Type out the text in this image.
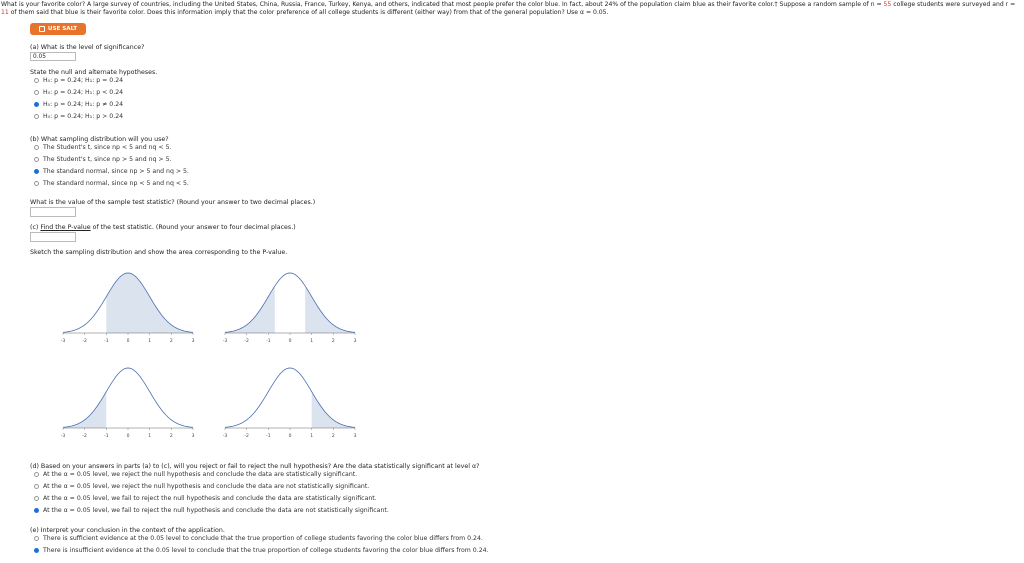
What is your favorite color? A large survey of countries, including the United States, China, Russia, France, Turkey, Kenya, and others, indicated that most people prefer the color blue. In fact, about 24% of the population claim blue as their favorite color.† Suppose a random sample of n = 55 college students were surveyed and r = 11 of them said that blue is their favorite color. Does this information imply that the color preference of all college students is different (either way) from that of the general population? Use α = 0.05.
USE SALT
(a) What is the level of significance?
0.05
State the null and alternate hypotheses.
H₀: p = 0.24; H₁: p = 0.24
H₀: p = 0.24; H₁: p < 0.24
H₀: p = 0.24; H₁: p ≠ 0.24
H₀: p = 0.24; H₁: p > 0.24
(b) What sampling distribution will you use?
The Student's t, since np < 5 and nq < 5.
The Student's t, since np > 5 and nq > 5.
The standard normal, since np > 5 and nq > 5.
The standard normal, since np < 5 and nq < 5.
What is the value of the sample test statistic? (Round your answer to two decimal places.)
(c) Find the P-value of the test statistic. (Round your answer to four decimal places.)
Sketch the sampling distribution and show the area corresponding to the P-value.
-3	-2	-1	0	1	2	3	-3	-2	-1	0	1	2	3
-3	-2	-1	0	1	2	3	-3	-2	-1	0	1	2	3
(d) Based on your answers in parts (a) to (c), will you reject or fail to reject the null hypothesis? Are the data statistically significant at level α?
At the α = 0.05 level, we reject the null hypothesis and conclude the data are statistically significant.
At the α = 0.05 level, we reject the null hypothesis and conclude the data are not statistically significant.
At the α = 0.05 level, we fail to reject the null hypothesis and conclude the data are statistically significant.
At the α = 0.05 level, we fail to reject the null hypothesis and conclude the data are not statistically significant.
(e) Interpret your conclusion in the context of the application.
There is sufficient evidence at the 0.05 level to conclude that the true proportion of college students favoring the color blue differs from 0.24.
There is insufficient evidence at the 0.05 level to conclude that the true proportion of college students favoring the color blue differs from 0.24.
